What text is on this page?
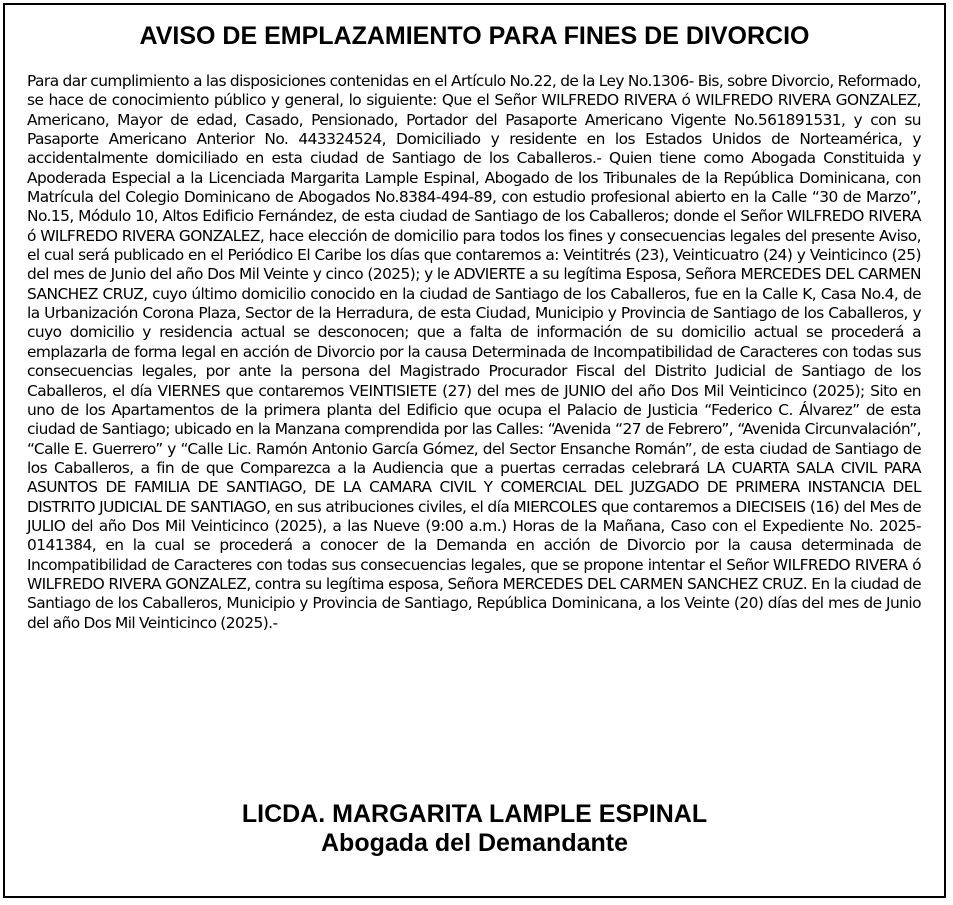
AVISO DE EMPLAZAMIENTO PARA FINES DE DIVORCIO

Para dar cumplimiento a las disposiciones contenidas en el Artículo No.22, de la Ley No.1306- Bis, sobre Divorcio, Reformado, se hace de conocimiento público y general, lo siguiente: Que el Señor WILFREDO RIVERA ó WILFREDO RIVERA GONZALEZ, Americano, Mayor de edad, Casado, Pensionado, Portador del Pasaporte Americano Vigente No.561891531, y con su Pasaporte Americano Anterior No. 443324524, Domiciliado y residente en los Estados Unidos de Norteamérica, y accidentalmente domiciliado en esta ciudad de Santiago de los Caballeros.- Quien tiene como Abogada Constituida y Apoderada Especial a la Licenciada Margarita Lample Espinal, Abogado de los Tribunales de la República Dominicana, con Matrícula del Colegio Dominicano de Abogados No.8384-494-89, con estudio profesional abierto en la Calle “30 de Marzo”, No.15, Módulo 10, Altos Edificio Fernández, de esta ciudad de Santiago de los Caballeros; donde el Señor WILFREDO RIVERA ó WILFREDO RIVERA GONZALEZ, hace elección de domicilio para todos los fines y consecuencias legales del presente Aviso, el cual será publicado en el Periódico El Caribe los días que contaremos a: Veintitrés (23), Veinticuatro (24) y Veinticinco (25) del mes de Junio del año Dos Mil Veinte y cinco (2025); y le ADVIERTE a su legítima Esposa, Señora MERCEDES DEL CARMEN SANCHEZ CRUZ, cuyo último domicilio conocido en la ciudad de Santiago de los Caballeros, fue en la Calle K, Casa No.4, de la Urbanización Corona Plaza, Sector de la Herradura, de esta Ciudad, Municipio y Provincia de Santiago de los Caballeros, y cuyo domicilio y residencia actual se desconocen; que a falta de información de su domicilio actual se procederá a emplazarla de forma legal en acción de Divorcio por la causa Determinada de Incompatibilidad de Caracteres con todas sus consecuencias legales, por ante la persona del Magistrado Procurador Fiscal del Distrito Judicial de Santiago de los Caballeros, el día VIERNES que contaremos VEINTISIETE (27) del mes de JUNIO del año Dos Mil Veinticinco (2025); Sito en uno de los Apartamentos de la primera planta del Edificio que ocupa el Palacio de Justicia “Federico C. Álvarez” de esta ciudad de Santiago; ubicado en la Manzana comprendida por las Calles: “Avenida “27 de Febrero”, “Avenida Circunvalación”, “Calle E. Guerrero” y “Calle Lic. Ramón Antonio García Gómez, del Sector Ensanche Román”, de esta ciudad de Santiago de los Caballeros, a fin de que Comparezca a la Audiencia que a puertas cerradas celebrará LA CUARTA SALA CIVIL PARA ASUNTOS DE FAMILIA DE SANTIAGO, DE LA CAMARA CIVIL Y COMERCIAL DEL JUZGADO DE PRIMERA INSTANCIA DEL DISTRITO JUDICIAL DE SANTIAGO, en sus atribuciones civiles, el día MIERCOLES que contaremos a DIECISEIS (16) del Mes de JULIO del año Dos Mil Veinticinco (2025), a las Nueve (9:00 a.m.) Horas de la Mañana, Caso con el Expediente No. 2025-0141384, en la cual se procederá a conocer de la Demanda en acción de Divorcio por la causa determinada de Incompatibilidad de Caracteres con todas sus consecuencias legales, que se propone intentar el Señor WILFREDO RIVERA ó WILFREDO RIVERA GONZALEZ, contra su legítima esposa, Señora MERCEDES DEL CARMEN SANCHEZ CRUZ. En la ciudad de Santiago de los Caballeros, Municipio y Provincia de Santiago, República Dominicana, a los Veinte (20) días del mes de Junio del año Dos Mil Veinticinco (2025).-

LICDA. MARGARITA LAMPLE ESPINAL
Abogada del Demandante
